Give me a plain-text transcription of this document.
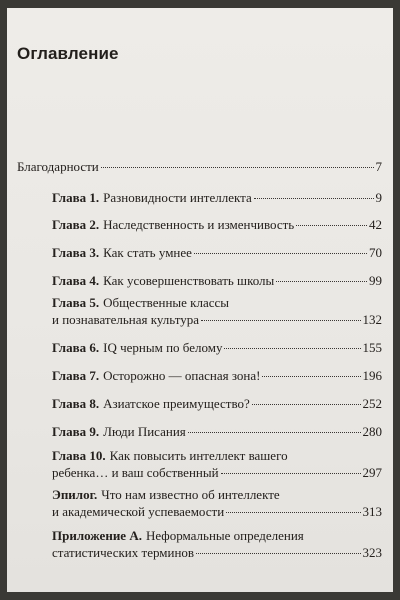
Оглавление
Благодарности	7
Глава 1. Разновидности интеллекта	9
Глава 2. Наследственность и изменчивость	42
Глава 3. Как стать умнее	70
Глава 4. Как усовершенствовать школы	99
Глава 5. Общественные классы
и познавательная культура	132
Глава 6. IQ черным по белому	155
Глава 7. Осторожно — опасная зона!	196
Глава 8. Азиатское преимущество?	252
Глава 9. Люди Писания	280
Глава 10. Как повысить интеллект вашего
ребенка… и ваш собственный	297
Эпилог. Что нам известно об интеллекте
и академической успеваемости	313
Приложение А. Неформальные определения
статистических терминов	323
